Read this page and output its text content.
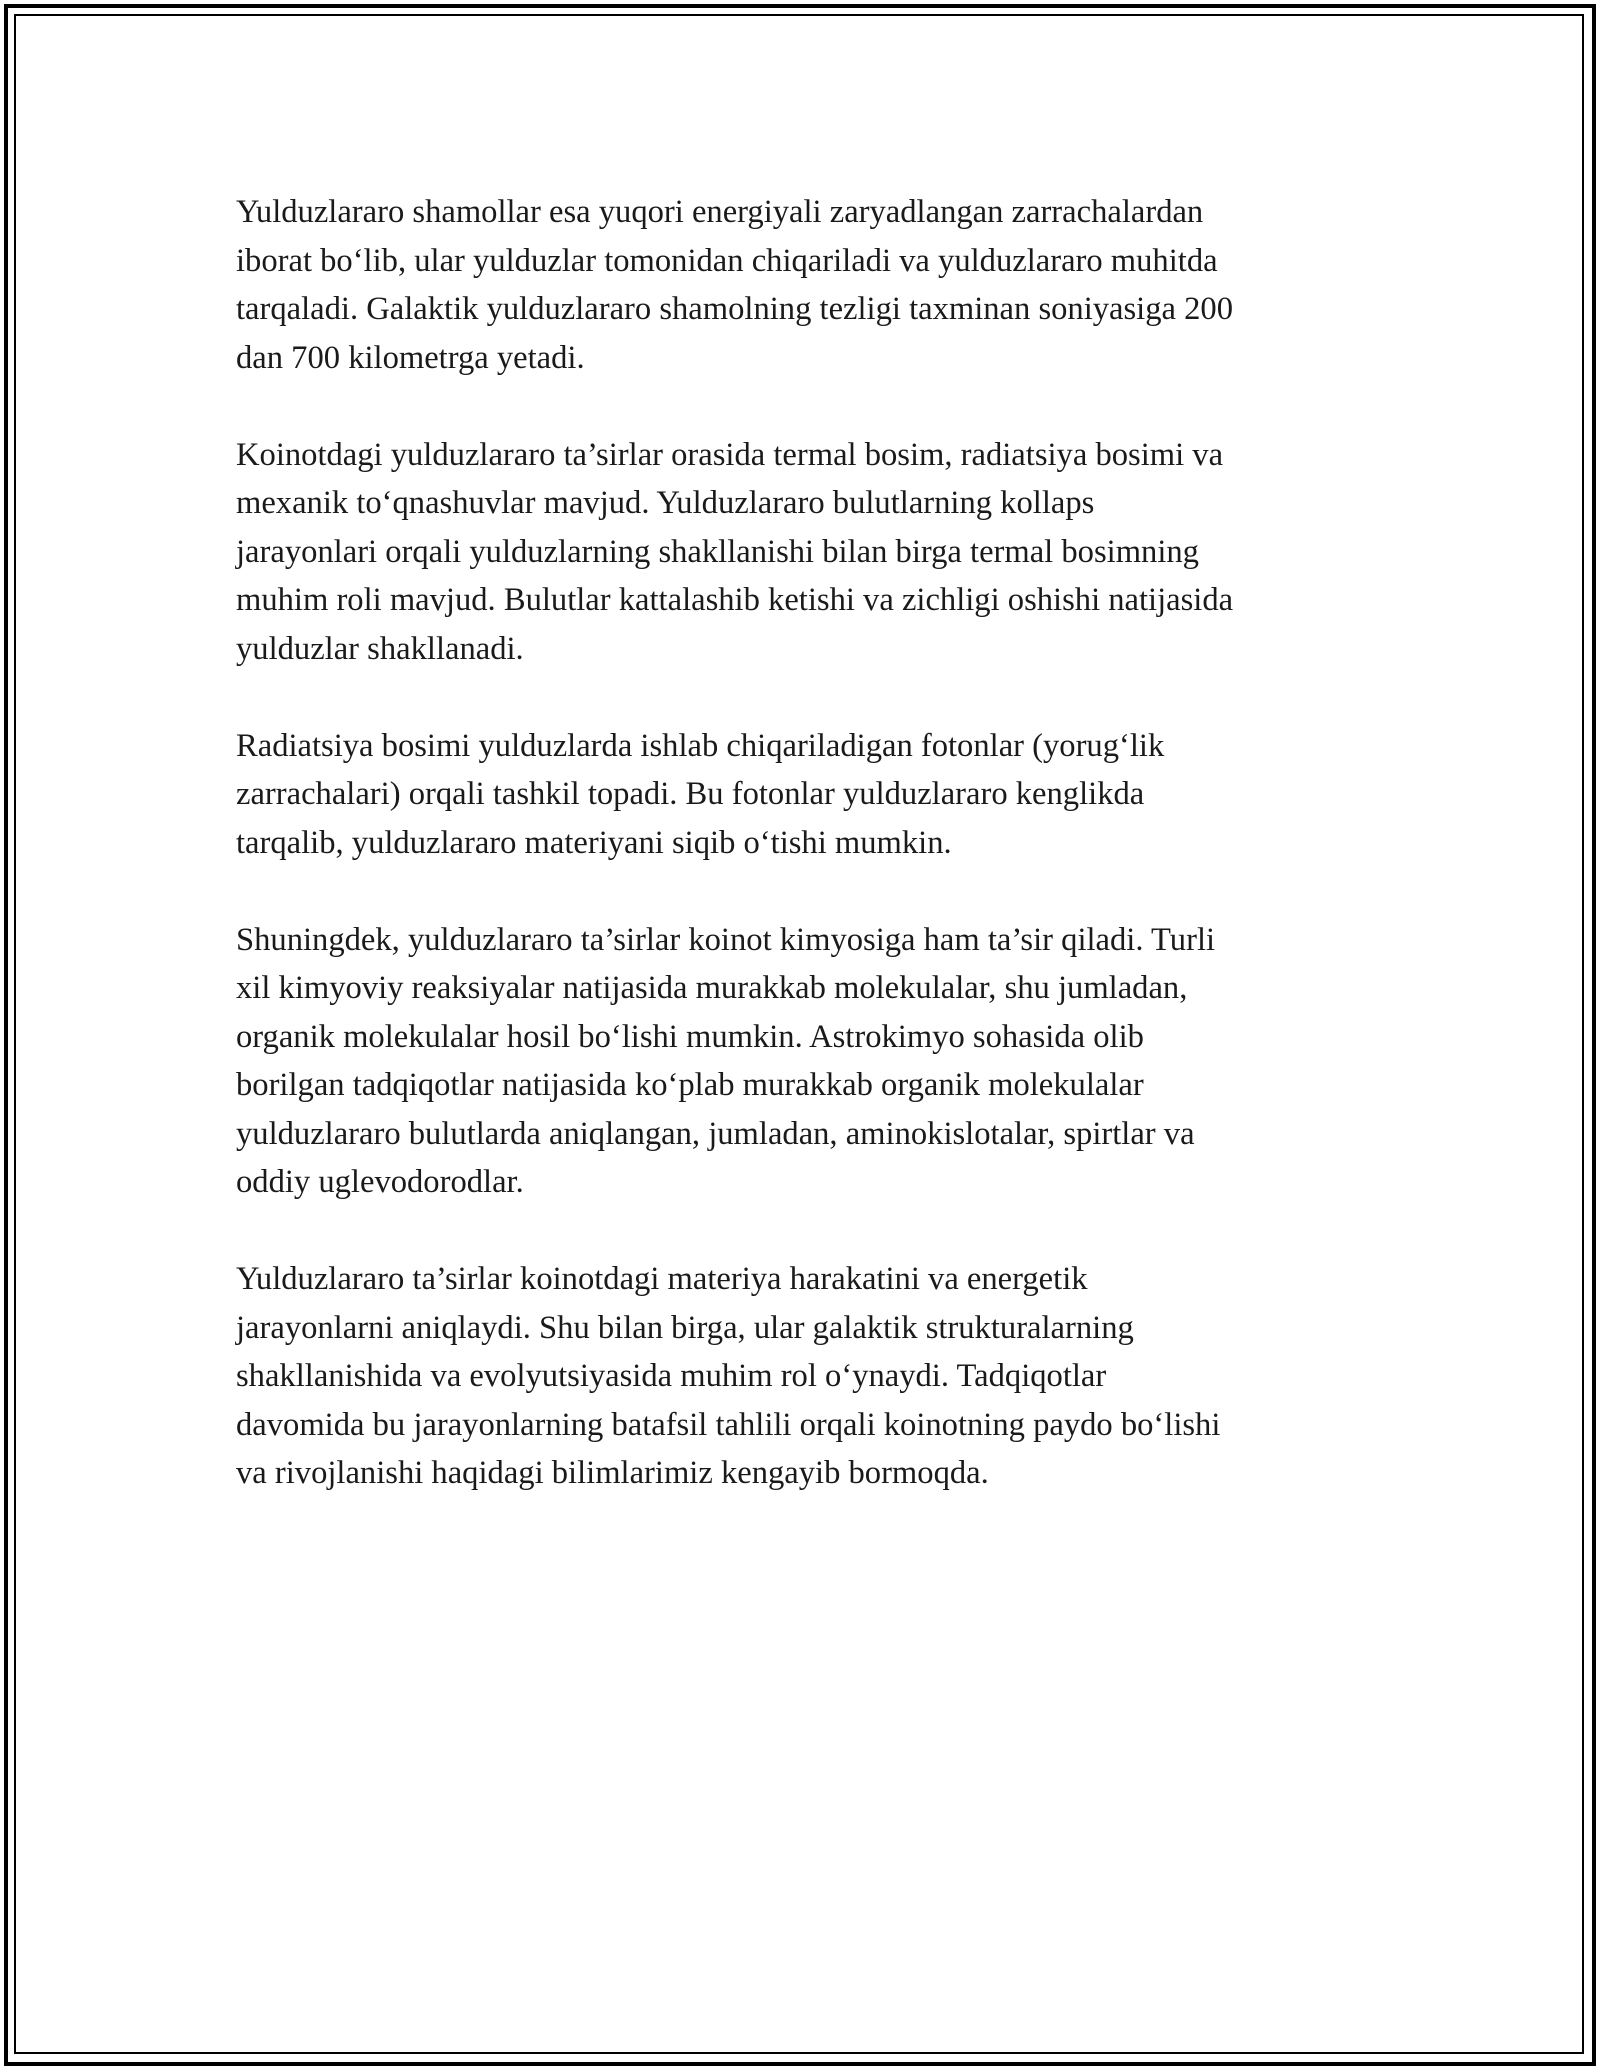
Yulduzlararo shamollar esa yuqori energiyali zaryadlangan zarrachalardan
iborat bo‘lib, ular yulduzlar tomonidan chiqariladi va yulduzlararo muhitda
tarqaladi. Galaktik yulduzlararo shamolning tezligi taxminan soniyasiga 200
dan 700 kilometrga yetadi.

Koinotdagi yulduzlararo ta’sirlar orasida termal bosim, radiatsiya bosimi va
mexanik to‘qnashuvlar mavjud. Yulduzlararo bulutlarning kollaps
jarayonlari orqali yulduzlarning shakllanishi bilan birga termal bosimning
muhim roli mavjud. Bulutlar kattalashib ketishi va zichligi oshishi natijasida
yulduzlar shakllanadi.

Radiatsiya bosimi yulduzlarda ishlab chiqariladigan fotonlar (yorug‘lik
zarrachalari) orqali tashkil topadi. Bu fotonlar yulduzlararo kenglikda
tarqalib, yulduzlararo materiyani siqib o‘tishi mumkin.

Shuningdek, yulduzlararo ta’sirlar koinot kimyosiga ham ta’sir qiladi. Turli
xil kimyoviy reaksiyalar natijasida murakkab molekulalar, shu jumladan,
organik molekulalar hosil bo‘lishi mumkin. Astrokimyo sohasida olib
borilgan tadqiqotlar natijasida ko‘plab murakkab organik molekulalar
yulduzlararo bulutlarda aniqlangan, jumladan, aminokislotalar, spirtlar va
oddiy uglevodorodlar.

Yulduzlararo ta’sirlar koinotdagi materiya harakatini va energetik
jarayonlarni aniqlaydi. Shu bilan birga, ular galaktik strukturalarning
shakllanishida va evolyutsiyasida muhim rol o‘ynaydi. Tadqiqotlar
davomida bu jarayonlarning batafsil tahlili orqali koinotning paydo bo‘lishi
va rivojlanishi haqidagi bilimlarimiz kengayib bormoqda.
